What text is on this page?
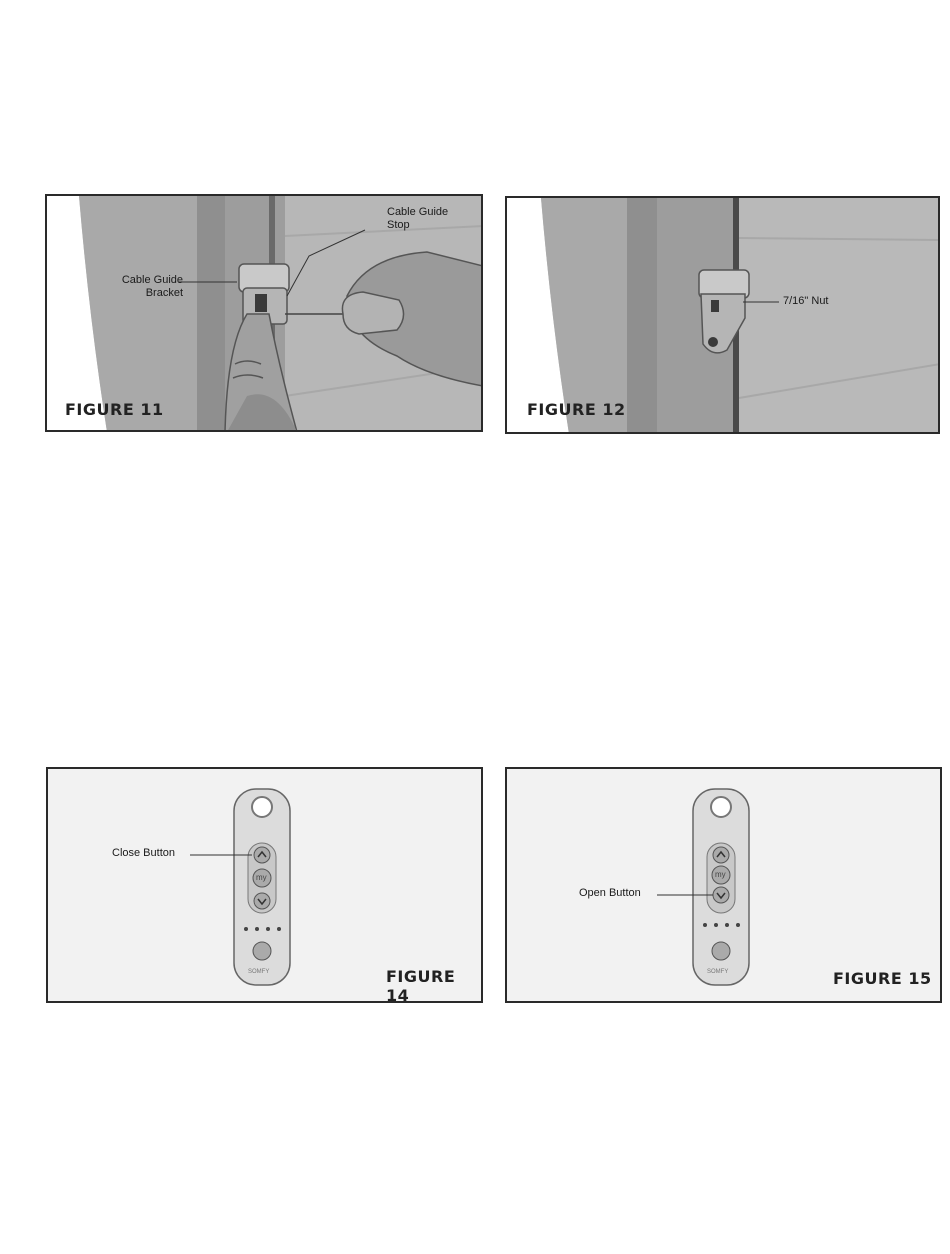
Cable Guide
Bracket
Cable Guide
Stop
FIGURE 11
7/16" Nut
FIGURE 12
Close Button
my
SOMFY	FIGURE 14
Open Button
my
SOMFY	FIGURE 15
